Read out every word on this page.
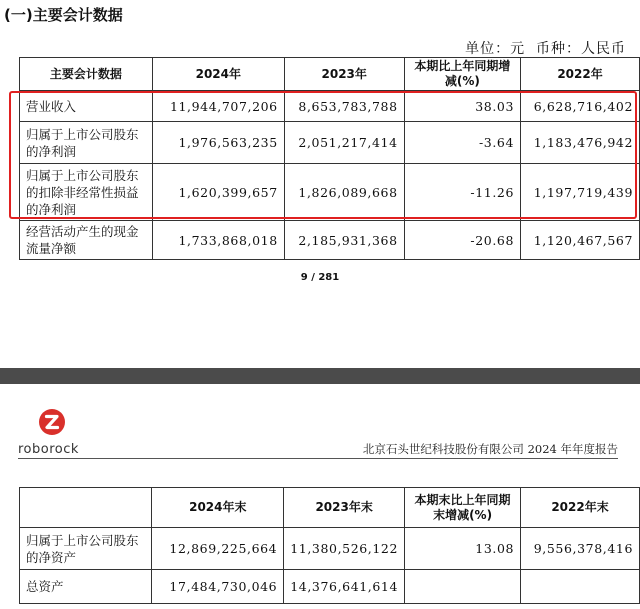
(一)主要会计数据
单位：元  币种：人民币
主要会计数据	2024年	2023年	本期比上年同期增减(%)	2022年
营业收入	11,944,707,206	8,653,783,788	38.03	6,628,716,402
归属于上市公司股东的净利润	1,976,563,235	2,051,217,414	-3.64	1,183,476,942
归属于上市公司股东的扣除非经常性损益的净利润	1,620,399,657	1,826,089,668	-11.26	1,197,719,439
经营活动产生的现金流量净额	1,733,868,018	2,185,931,368	-20.68	1,120,467,567
9 / 281
roborock	北京石头世纪科技股份有限公司 2024 年年度报告
	2024年末	2023年末	本期末比上年同期末增减(%)	2022年末
归属于上市公司股东的净资产	12,869,225,664	11,380,526,122	13.08	9,556,378,416
总资产	17,484,730,046	14,376,641,614		
